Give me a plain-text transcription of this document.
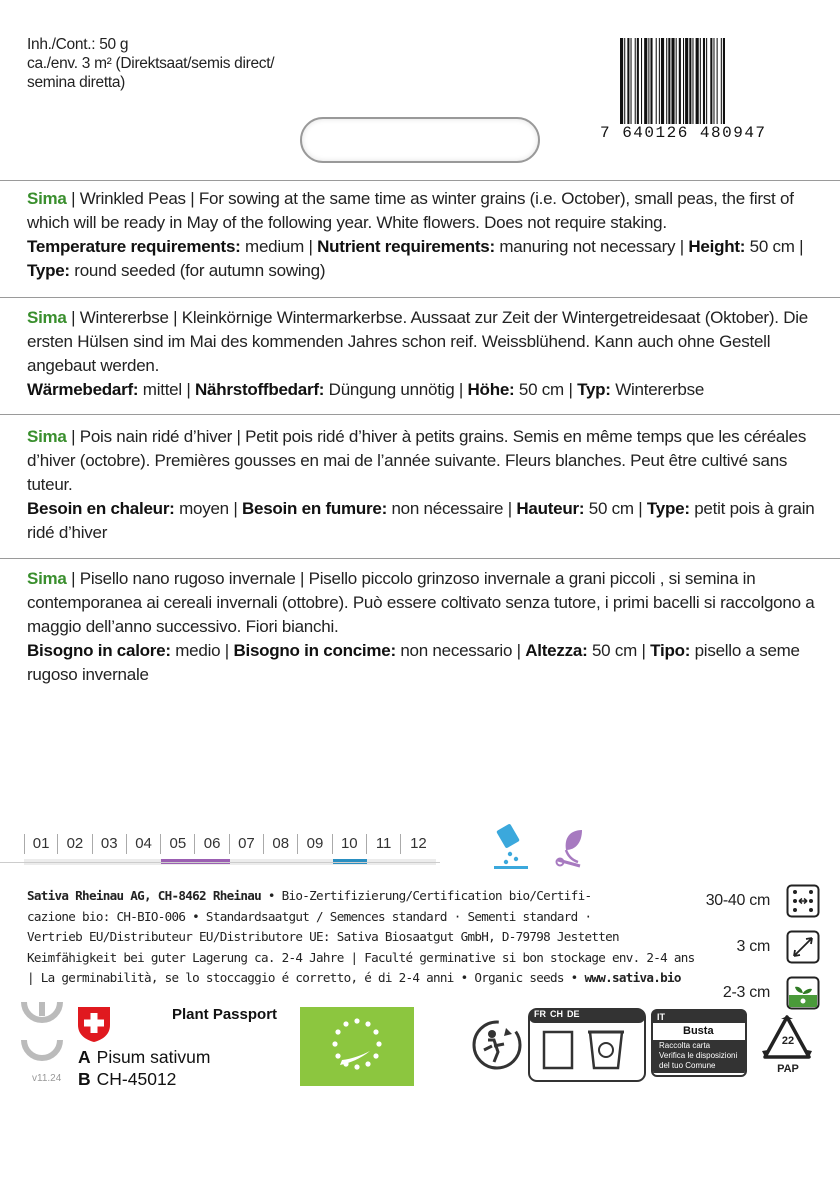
Inh./Cont.: 50 g
ca./env. 3 m² (Direktsaat/semis direct/
semina diretta)
7 640126 480947

Sima | Wrinkled Peas | For sowing at the same time as winter grains (i.e. October), small peas, the first of which will be ready in May of the following year. White flowers. Does not require staking.

Temperature requirements: medium | Nutrient requirements: manuring not necessary | Height: 50 cm | Type: round seeded (for autumn sowing)

Sima | Wintererbse | Kleinkörnige Wintermarkerbse. Aussaat zur Zeit der Wintergetreidesaat (Oktober). Die ersten Hülsen sind im Mai des kommenden Jahres schon reif. Weissblühend. Kann auch ohne Gestell angebaut werden.

Wärmebedarf: mittel | Nährstoffbedarf: Düngung unnötig | Höhe: 50 cm | Typ: Wintererbse

Sima | Pois nain ridé d’hiver | Petit pois ridé d’hiver à petits grains. Semis en même temps que les céréales d’hiver (octobre). Premières gousses en mai de l’année suivante. Fleurs blanches. Peut être cultivé sans tuteur.

Besoin en chaleur: moyen | Besoin en fumure: non nécessaire | Hauteur: 50 cm | Type: petit pois à grain ridé d’hiver

Sima | Pisello nano rugoso invernale | Pisello piccolo grinzoso invernale a grani piccoli , si semina in contemporanea ai cereali invernali (ottobre). Può essere coltivato senza tutore, i primi bacelli si raccolgono a maggio dell’anno successivo. Fiori bianchi.

Bisogno in calore: medio | Bisogno in concime: non necessario | Altezza: 50 cm | Tipo: pisello a seme rugoso invernale

01	02	03	04	05	06	07	08	09	10	11	12
Sativa Rheinau AG, CH-8462 Rheinau • Bio-Zertifizierung/Certification bio/Certifi-
cazione bio: CH-BIO-006 • Standardsaatgut / Semences standard · Sementi standard ·
Vertrieb EU/Distributeur EU/Distributore UE: Sativa Biosaatgut GmbH, D-79798 Jestetten
Keimfähigkeit bei guter Lagerung ca. 2-4 Jahre | Faculté germinative si bon stockage env. 2-4 ans
| La germinabilità, se lo stoccaggio é corretto, é di 2-4 anni • Organic seeds • www.sativa.bio
30-40 cm
3 cm
2-3 cm
v11.24
Plant Passport
A Pisum sativum
B CH-45012
FR CH DE	IT
Busta
Raccolta carta
Verifica le disposizioni
del tuo Comune
22
PAP
